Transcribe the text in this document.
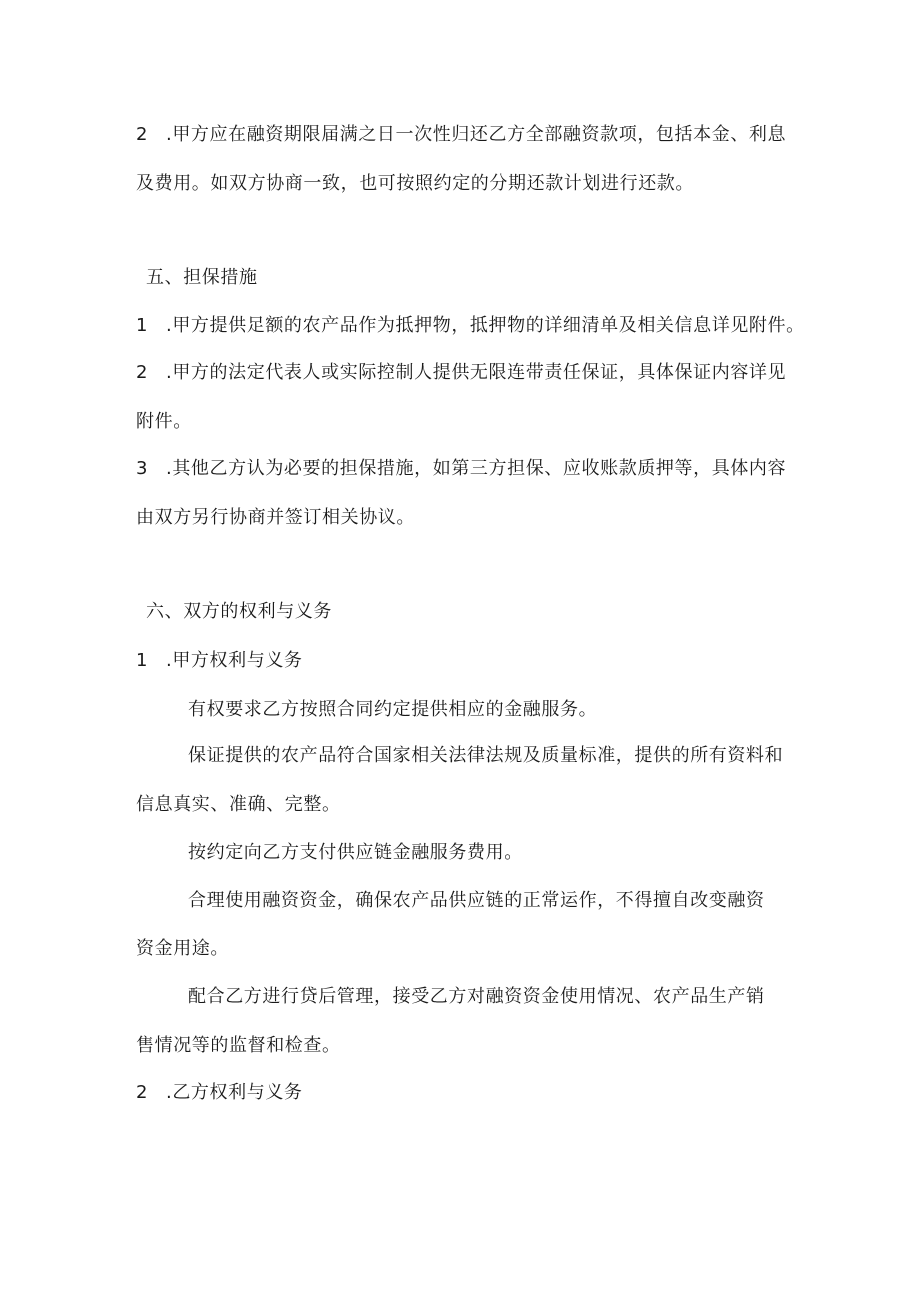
2 .甲方应在融资期限届满之日一次性归还乙方全部融资款项，包括本金、利息
及费用。如双方协商一致，也可按照约定的分期还款计划进行还款。
五、担保措施
1 .甲方提供足额的农产品作为抵押物，抵押物的详细清单及相关信息详见附件。
2 .甲方的法定代表人或实际控制人提供无限连带责任保证，具体保证内容详见
附件。
3 .其他乙方认为必要的担保措施，如第三方担保、应收账款质押等，具体内容
由双方另行协商并签订相关协议。
六、双方的权利与义务
1 .甲方权利与义务
有权要求乙方按照合同约定提供相应的金融服务。
保证提供的农产品符合国家相关法律法规及质量标准，提供的所有资料和
信息真实、准确、完整。
按约定向乙方支付供应链金融服务费用。
合理使用融资资金，确保农产品供应链的正常运作，不得擅自改变融资
资金用途。
配合乙方进行贷后管理，接受乙方对融资资金使用情况、农产品生产销
售情况等的监督和检查。
2 .乙方权利与义务
